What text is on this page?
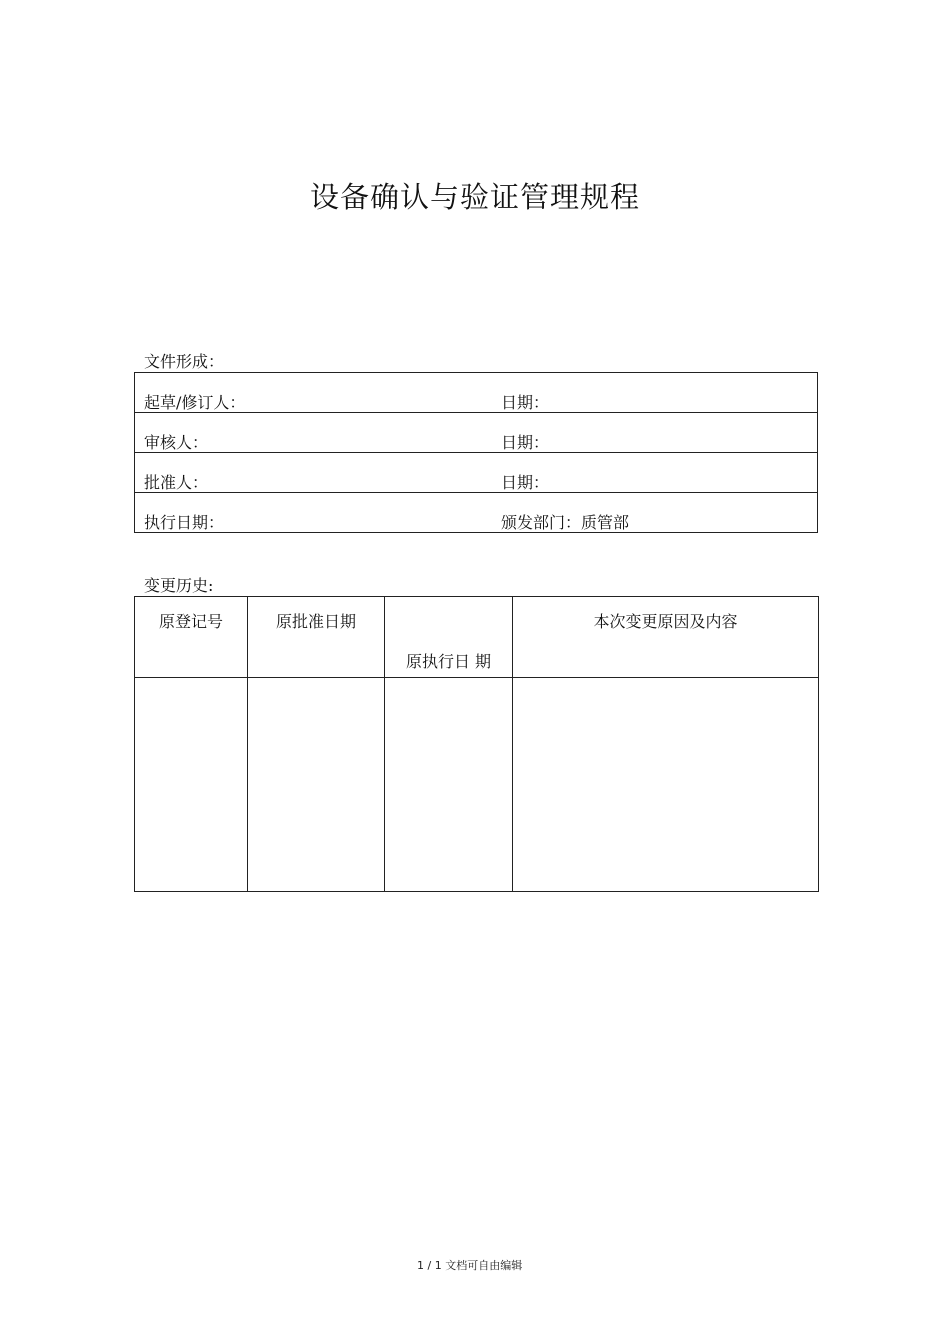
设备确认与验证管理规程
文件形成：
起草/修订人：	日期：

审核人：	日期：

批准人：	日期：

执行日期：	颁发部门：质管部
变更历史:
原登记号	原批准日期	原执行日 期	本次变更原因及内容

1 / 1 文档可自由编辑
